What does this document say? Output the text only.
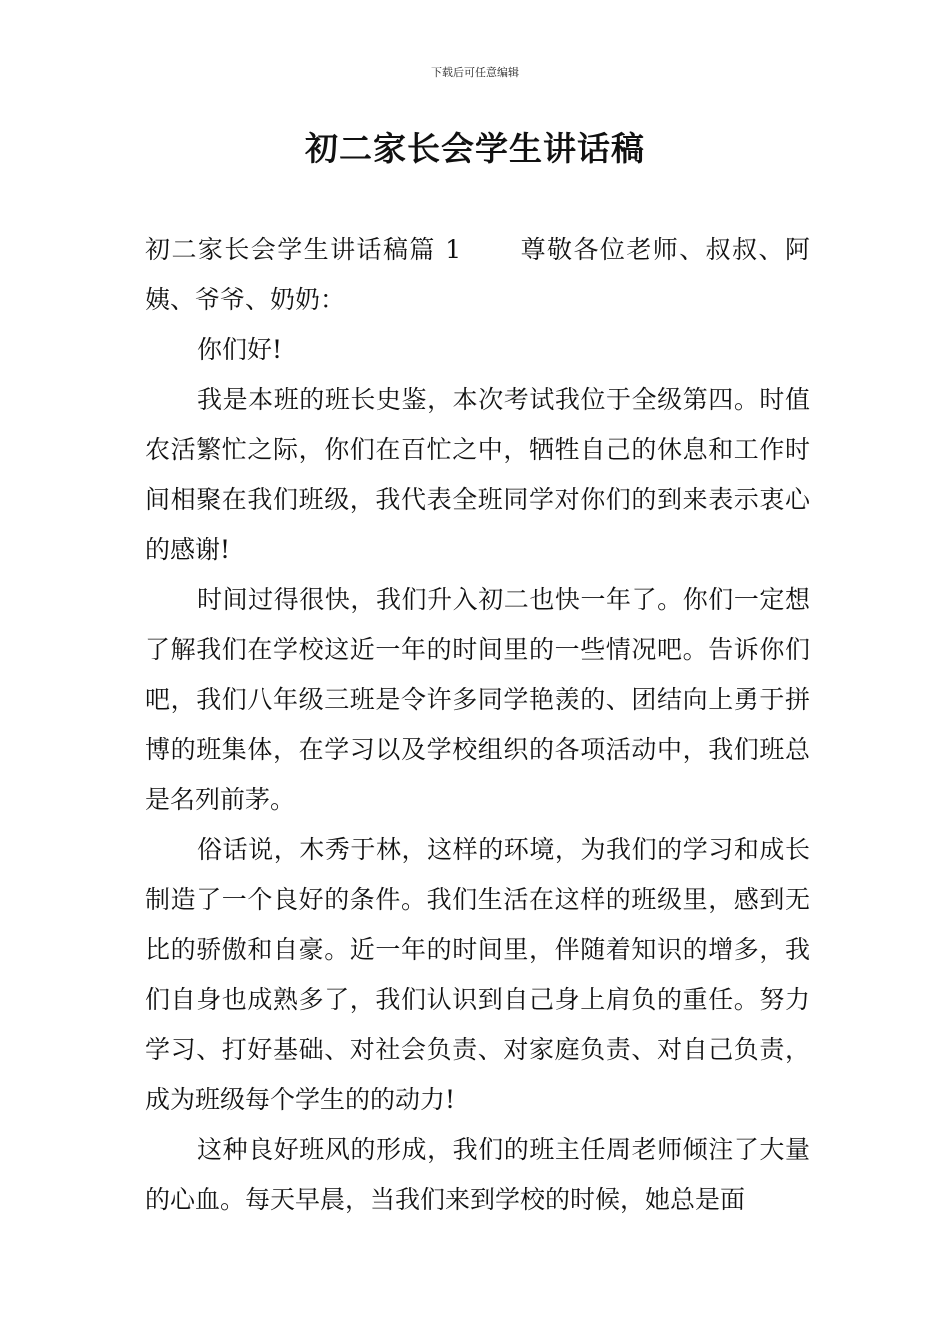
下载后可任意编辑
初二家长会学生讲话稿

初二家长会学生讲话稿篇 1 尊敬各位老师、叔叔、阿姨、爷爷、奶奶：

你们好!

我是本班的班长史鉴，本次考试我位于全级第四。时值农活繁忙之际，你们在百忙之中，牺牲自己的休息和工作时间相聚在我们班级，我代表全班同学对你们的到来表示衷心的感谢!

时间过得很快，我们升入初二也快一年了。你们一定想了解我们在学校这近一年的时间里的一些情况吧。告诉你们吧，我们八年级三班是令许多同学艳羡的、团结向上勇于拼博的班集体，在学习以及学校组织的各项活动中，我们班总是名列前茅。

俗话说，木秀于林，这样的环境，为我们的学习和成长制造了一个良好的条件。我们生活在这样的班级里，感到无比的骄傲和自豪。近一年的时间里，伴随着知识的增多，我们自身也成熟多了，我们认识到自己身上肩负的重任。努力学习、打好基础、对社会负责、对家庭负责、对自己负责，成为班级每个学生的的动力!

这种良好班风的形成，我们的班主任周老师倾注了大量的心血。每天早晨，当我们来到学校的时候，她总是面
